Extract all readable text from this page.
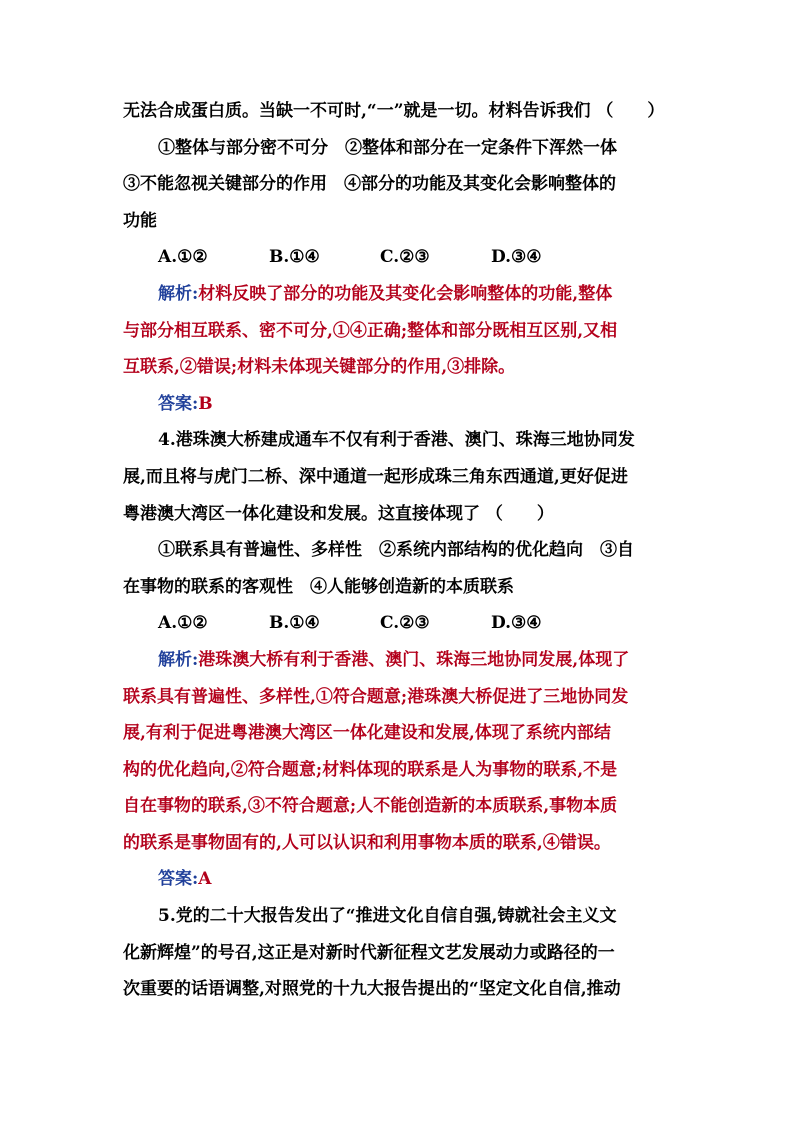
无法合成蛋白质。当缺一不可时,“一”就是一切。材料告诉我们 （　　）
①整体与部分密不可分　②整体和部分在一定条件下浑然一体
③不能忽视关键部分的作用　④部分的功能及其变化会影响整体的
功能
A.①②	B.①④	C.②③	D.③④
解析:材料反映了部分的功能及其变化会影响整体的功能,整体
与部分相互联系、密不可分,①④正确;整体和部分既相互区别,又相
互联系,②错误;材料未体现关键部分的作用,③排除。
答案:B
4.港珠澳大桥建成通车不仅有利于香港、澳门、珠海三地协同发
展,而且将与虎门二桥、深中通道一起形成珠三角东西通道,更好促进
粤港澳大湾区一体化建设和发展。这直接体现了 （　　）
①联系具有普遍性、多样性　②系统内部结构的优化趋向　③自
在事物的联系的客观性　④人能够创造新的本质联系
A.①②	B.①④	C.②③	D.③④
解析:港珠澳大桥有利于香港、澳门、珠海三地协同发展,体现了
联系具有普遍性、多样性,①符合题意;港珠澳大桥促进了三地协同发
展,有利于促进粤港澳大湾区一体化建设和发展,体现了系统内部结
构的优化趋向,②符合题意;材料体现的联系是人为事物的联系,不是
自在事物的联系,③不符合题意;人不能创造新的本质联系,事物本质
的联系是事物固有的,人可以认识和利用事物本质的联系,④错误。
答案:A
5.党的二十大报告发出了“推进文化自信自强,铸就社会主义文
化新辉煌”的号召,这正是对新时代新征程文艺发展动力或路径的一
次重要的话语调整,对照党的十九大报告提出的“坚定文化自信,推动
